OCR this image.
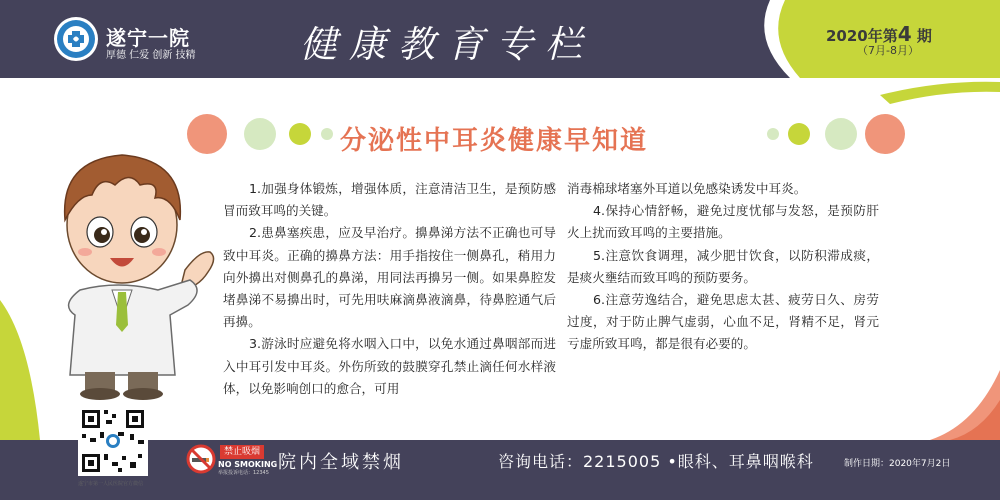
遂宁一院
厚德 仁爱 创新 技精	健康教育专栏	2020年第4 期
（7月-8月）
分泌性中耳炎健康早知道

1.加强身体锻炼，增强体质，注意清洁卫生，是预防感冒而致耳鸣的关键。

2.患鼻塞疾患，应及早治疗。擤鼻涕方法不正确也可导致中耳炎。正确的擤鼻方法：用手指按住一侧鼻孔，稍用力向外擤出对侧鼻孔的鼻涕，用同法再擤另一侧。如果鼻腔发堵鼻涕不易擤出时，可先用呋麻滴鼻液滴鼻，待鼻腔通气后再擤。

3.游泳时应避免将水咽入口中，以免水通过鼻咽部而进入中耳引发中耳炎。外伤所致的鼓膜穿孔禁止滴任何水样液体，以免影响创口的愈合，可用

消毒棉球堵塞外耳道以免感染诱发中耳炎。

4.保持心情舒畅，避免过度忧郁与发怒，是预防肝火上扰而致耳鸣的主要措施。

5.注意饮食调理，减少肥甘饮食，以防积滞成痰，是痰火壅结而致耳鸣的预防要务。

6.注意劳逸结合，避免思虑太甚、疲劳日久、房劳过度，对于防止脾气虚弱，心血不足，肾精不足，肾元亏虚所致耳鸣，都是很有必要的。

遂宁市第一人民医院官方微信
禁止吸烟
NO SMOKING
举报投诉电话：12345 院内全域禁烟	咨询电话：2215005 •眼科、耳鼻咽喉科	制作日期：2020年7月2日
